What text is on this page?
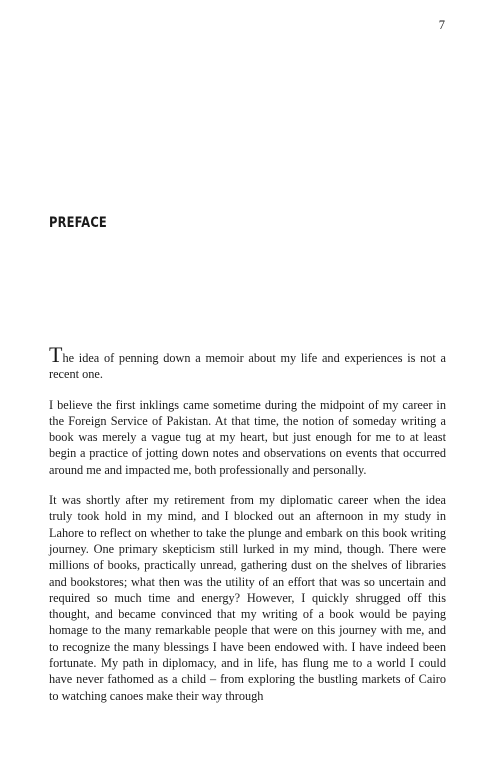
7
PREFACE

The idea of penning down a memoir about my life and experiences is not a recent one.

I believe the first inklings came sometime during the midpoint of my career in the Foreign Service of Pakistan. At that time, the notion of someday writing a book was merely a vague tug at my heart, but just enough for me to at least begin a practice of jotting down notes and observations on events that occurred around me and impacted me, both professionally and personally.

It was shortly after my retirement from my diplomatic career when the idea truly took hold in my mind, and I blocked out an afternoon in my study in Lahore to reflect on whether to take the plunge and embark on this book writing journey. One primary skepticism still lurked in my mind, though. There were millions of books, practically unread, gathering dust on the shelves of libraries and bookstores; what then was the utility of an effort that was so uncertain and required so much time and energy? However, I quickly shrugged off this thought, and became convinced that my writing of a book would be paying homage to the many remarkable people that were on this journey with me, and to recognize the many blessings I have been endowed with. I have indeed been fortunate. My path in diplomacy, and in life, has flung me to a world I could have never fathomed as a child – from exploring the bustling markets of Cairo to watching canoes make their way through
